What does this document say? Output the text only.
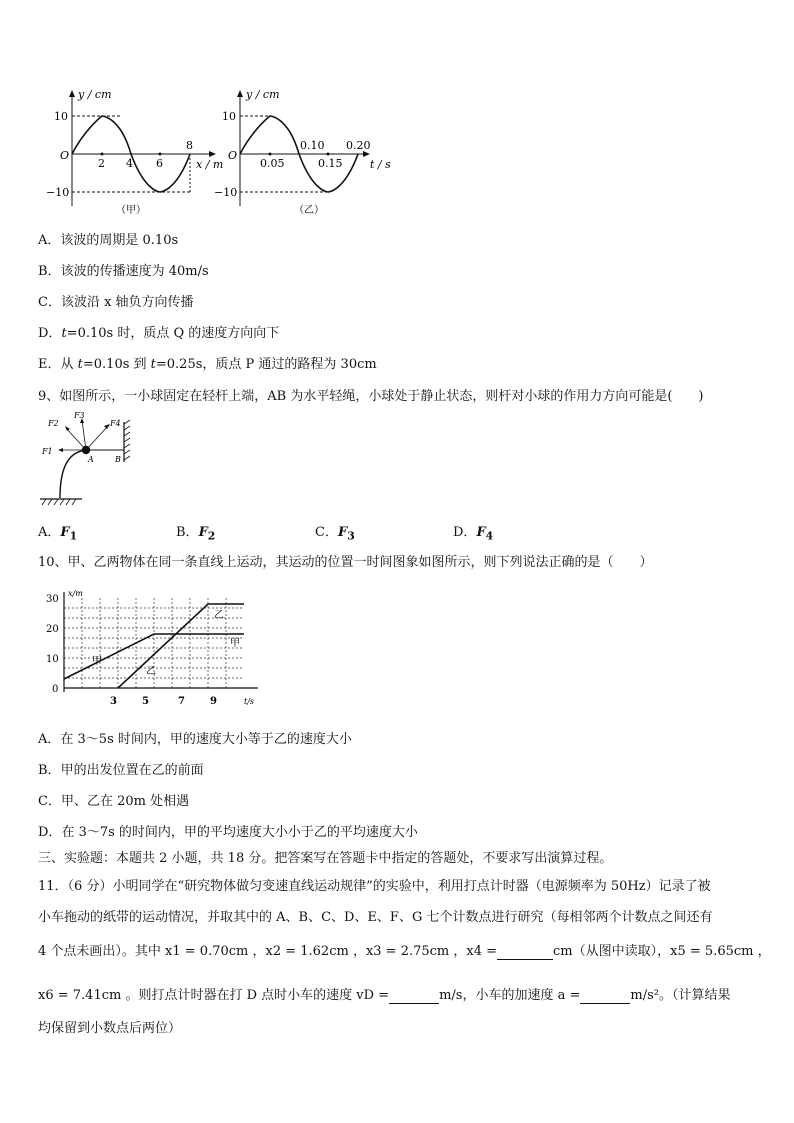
y / cm
10
−10
O
2 4 6
8
x / m
（甲）
y / cm
10
−10
O
0.05
0.10
0.15
0.20
t / s
（乙）
A．该波的周期是 0.10s
B．该波的传播速度为 40m/s
C．该波沿 x 轴负方向传播
D．t=0.10s 时，质点 Q 的速度方向向下
E．从 t=0.10s 到 t=0.25s，质点 P 通过的路程为 30cm
9、如图所示，一小球固定在轻杆上端，AB 为水平轻绳，小球处于静止状态，则杆对小球的作用力方向可能是(　　)
F1
F2
F3
F4
A	B
A．$F_1$	B．$F_2$	C．$F_3$	D．$F_4$
10、甲、乙两物体在同一条直线上运动，其运动的位置一时间图象如图所示，则下列说法正确的是（　　）
x/m
30
20
10
0
3	5	7	9	t/s
甲
甲
乙
乙
A．在 3～5s 时间内，甲的速度大小等于乙的速度大小
B．甲的出发位置在乙的前面
C．甲、乙在 20m 处相遇
D．在 3～7s 的时间内，甲的平均速度大小小于乙的平均速度大小
三、实验题：本题共 2 小题，共 18 分。把答案写在答题卡中指定的答题处，不要求写出演算过程。
11．（6 分）小明同学在“研究物体做匀变速直线运动规律”的实验中，利用打点计时器（电源频率为 50Hz）记录了被
小车拖动的纸带的运动情况，并取其中的 A、B、C、D、E、F、G 七个计数点进行研究（每相邻两个计数点之间还有
4 个点未画出）。其中 x1 = 0.70cm ，x2 = 1.62cm ，x3 = 2.75cm ，x4 =	cm（从图中读取），x5 = 5.65cm ，
x6 = 7.41cm 。则打点计时器在打 D 点时小车的速度 vD =	m/s，小车的加速度 a =	m/s²。（计算结果
均保留到小数点后两位）
